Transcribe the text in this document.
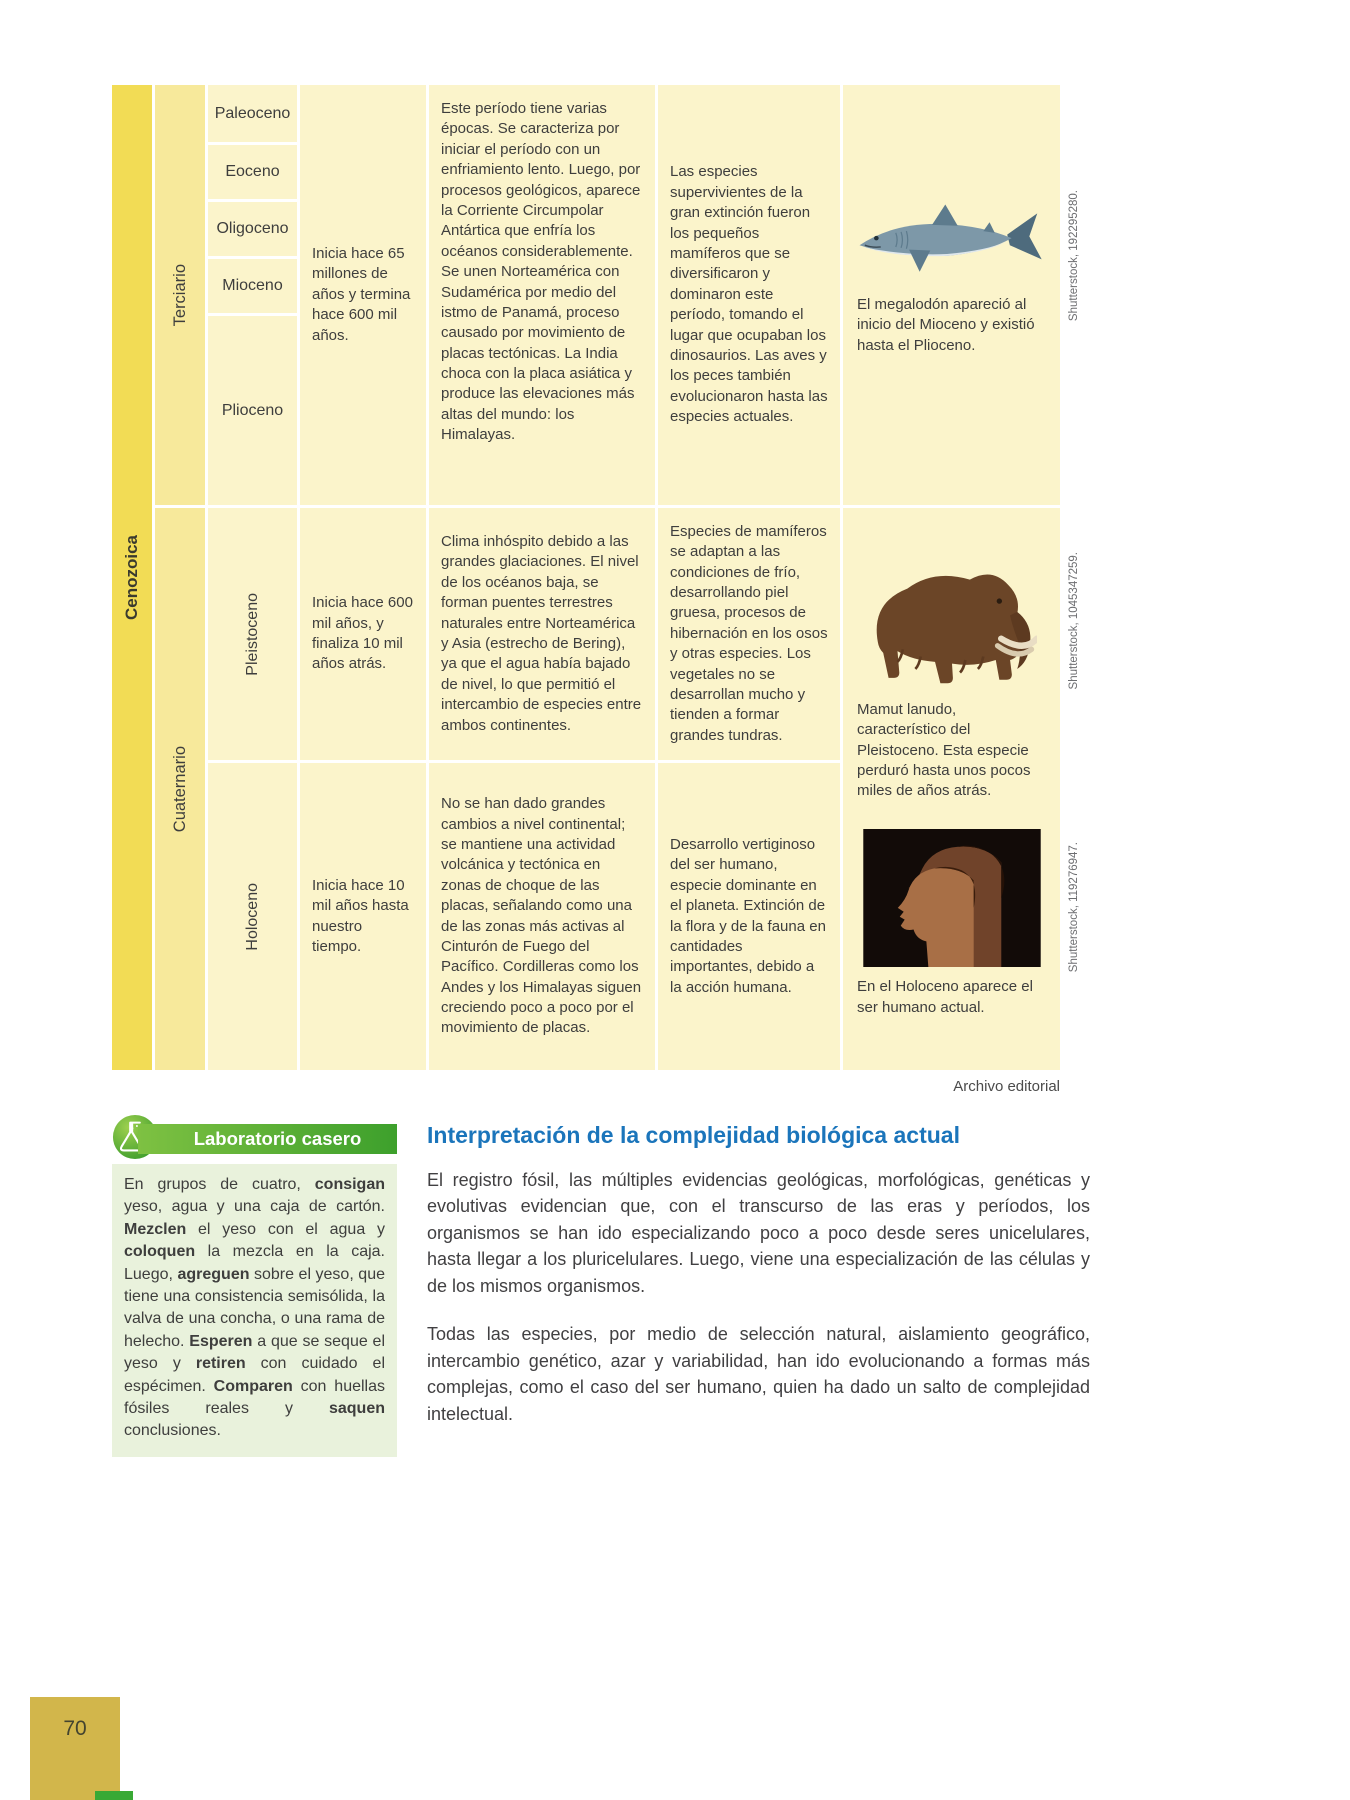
Cenozoica
Terciario
Cuaternario
Paleoceno
Eoceno
Oligoceno
Mioceno
Plioceno
Pleistoceno
Holoceno
Inicia hace 65 millones de años y termina hace 600 mil años.
Inicia hace 600 mil años, y finaliza 10 mil años atrás.
Inicia hace 10 mil años hasta nuestro tiempo.
Este período tiene varias épocas. Se caracteriza por iniciar el período con un enfriamiento lento. Luego, por procesos geológicos, aparece la Corriente Circumpolar Antártica que enfría los océanos considerablemente. Se unen Norteamérica con Sudamérica por medio del istmo de Panamá, proceso causado por movimiento de placas tectónicas. La India choca con la placa asiática y produce las elevaciones más altas del mundo: los Himalayas.
Clima inhóspito debido a las grandes glaciaciones. El nivel de los océanos baja, se forman puentes terrestres naturales entre Norteamérica y Asia (estrecho de Bering), ya que el agua había bajado de nivel, lo que permitió el intercambio de especies entre ambos continentes.
No se han dado grandes cambios a nivel continental; se mantiene una actividad volcánica y tectónica en zonas de choque de las placas, señalando como una de las zonas más activas al Cinturón de Fuego del Pacífico. Cordilleras como los Andes y los Himalayas siguen creciendo poco a poco por el movimiento de placas.
Las especies supervivientes de la gran extinción fueron los pequeños mamíferos que se diversificaron y dominaron este período, tomando el lugar que ocupaban los dinosaurios. Las aves y los peces también evolucionaron hasta las especies actuales.
Especies de mamíferos se adaptan a las condiciones de frío, desarrollando piel gruesa, procesos de hibernación en los osos y otras especies. Los vegetales no se desarrollan mucho y tienden a formar grandes tundras.
Desarrollo vertiginoso del ser humano, especie dominante en el planeta. Extinción de la flora y de la fauna en cantidades importantes, debido a la acción humana.
El megalodón apareció al inicio del Mioceno y existió hasta el Plioceno.
Mamut lanudo, característico del Pleistoceno. Esta especie perduró hasta unos pocos miles de años atrás.
En el Holoceno aparece el ser humano actual.
Shutterstock, 192295280.
Shutterstock, 1045347259.
Shutterstock, 119276947.
Archivo editorial
Laboratorio casero
En grupos de cuatro, consigan yeso, agua y una caja de cartón. Mezclen el yeso con el agua y coloquen la mezcla en la caja. Luego, agreguen sobre el yeso, que tiene una consistencia semisólida, la valva de una concha, o una rama de helecho. Esperen a que se seque el yeso y retiren con cuidado el espécimen. Comparen con huellas fósiles reales y saquen conclusiones.
Interpretación de la complejidad biológica actual

El registro fósil, las múltiples evidencias geológicas, morfológicas, genéticas y evolutivas evidencian que, con el transcurso de las eras y períodos, los organismos se han ido especializando poco a poco desde seres unicelulares, hasta llegar a los pluricelulares. Luego, viene una especialización de las células y de los mismos organismos.

Todas las especies, por medio de selección natural, aislamiento geográfico, intercambio genético, azar y variabilidad, han ido evolucionando a formas más complejas, como el caso del ser humano, quien ha dado un salto de complejidad intelectual.

70
